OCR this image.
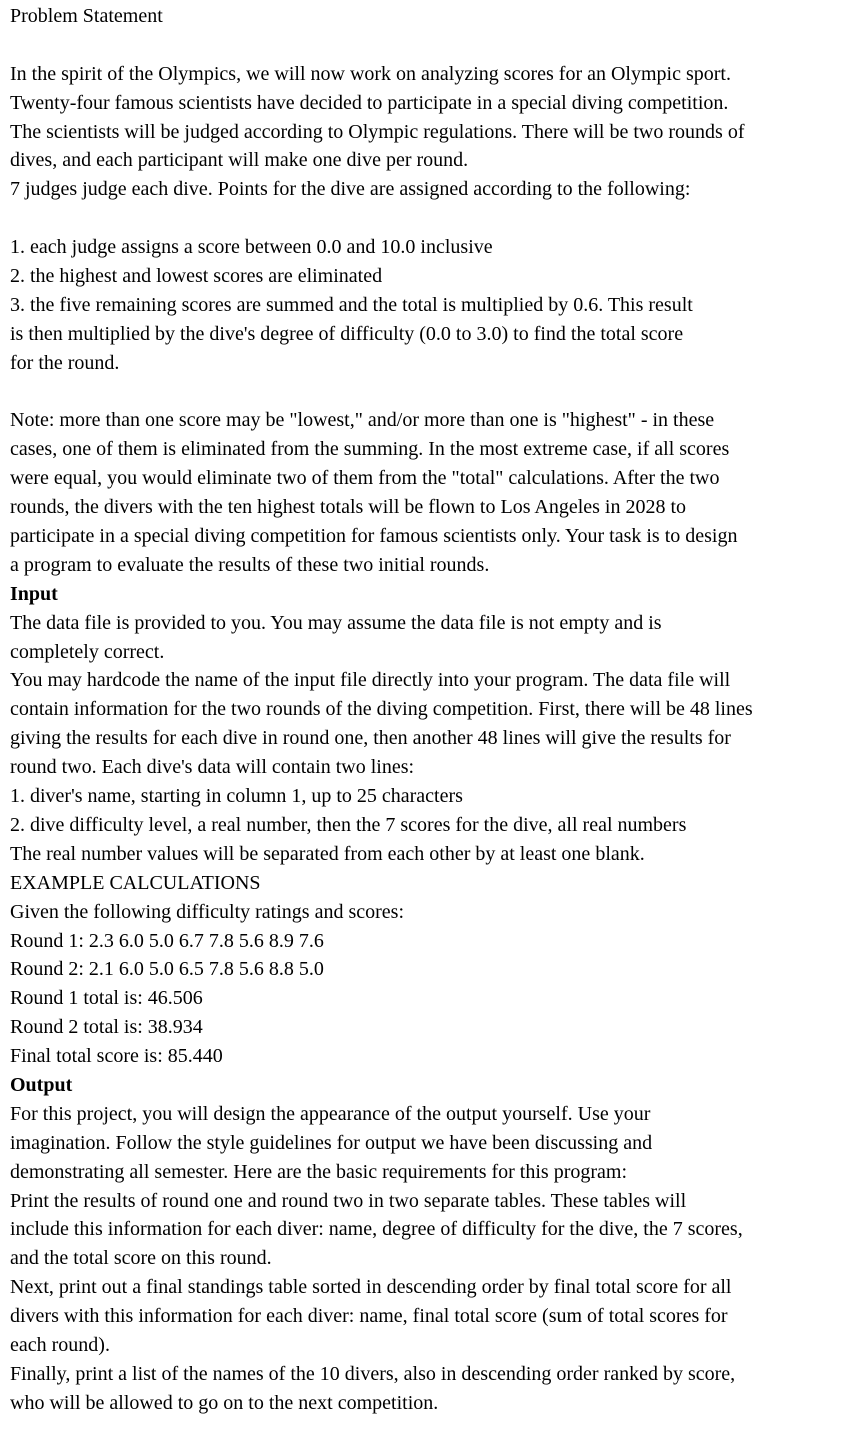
Problem Statement
In the spirit of the Olympics, we will now work on analyzing scores for an Olympic sport.
Twenty-four famous scientists have decided to participate in a special diving competition.
The scientists will be judged according to Olympic regulations. There will be two rounds of
dives, and each participant will make one dive per round.
7 judges judge each dive. Points for the dive are assigned according to the following:
1. each judge assigns a score between 0.0 and 10.0 inclusive
2. the highest and lowest scores are eliminated
3. the five remaining scores are summed and the total is multiplied by 0.6. This result
is then multiplied by the dive's degree of difficulty (0.0 to 3.0) to find the total score
for the round.
Note: more than one score may be "lowest," and/or more than one is "highest" - in these
cases, one of them is eliminated from the summing. In the most extreme case, if all scores
were equal, you would eliminate two of them from the "total" calculations. After the two
rounds, the divers with the ten highest totals will be flown to Los Angeles in 2028 to
participate in a special diving competition for famous scientists only. Your task is to design
a program to evaluate the results of these two initial rounds.
Input
The data file is provided to you. You may assume the data file is not empty and is
completely correct.
You may hardcode the name of the input file directly into your program. The data file will
contain information for the two rounds of the diving competition. First, there will be 48 lines
giving the results for each dive in round one, then another 48 lines will give the results for
round two. Each dive's data will contain two lines:
1. diver's name, starting in column 1, up to 25 characters
2. dive difficulty level, a real number, then the 7 scores for the dive, all real numbers
The real number values will be separated from each other by at least one blank.
EXAMPLE CALCULATIONS
Given the following difficulty ratings and scores:
Round 1: 2.3 6.0 5.0 6.7 7.8 5.6 8.9 7.6
Round 2: 2.1 6.0 5.0 6.5 7.8 5.6 8.8 5.0
Round 1 total is: 46.506
Round 2 total is: 38.934
Final total score is: 85.440
Output
For this project, you will design the appearance of the output yourself. Use your
imagination. Follow the style guidelines for output we have been discussing and
demonstrating all semester. Here are the basic requirements for this program:
Print the results of round one and round two in two separate tables. These tables will
include this information for each diver: name, degree of difficulty for the dive, the 7 scores,
and the total score on this round.
Next, print out a final standings table sorted in descending order by final total score for all
divers with this information for each diver: name, final total score (sum of total scores for
each round).
Finally, print a list of the names of the 10 divers, also in descending order ranked by score,
who will be allowed to go on to the next competition.
